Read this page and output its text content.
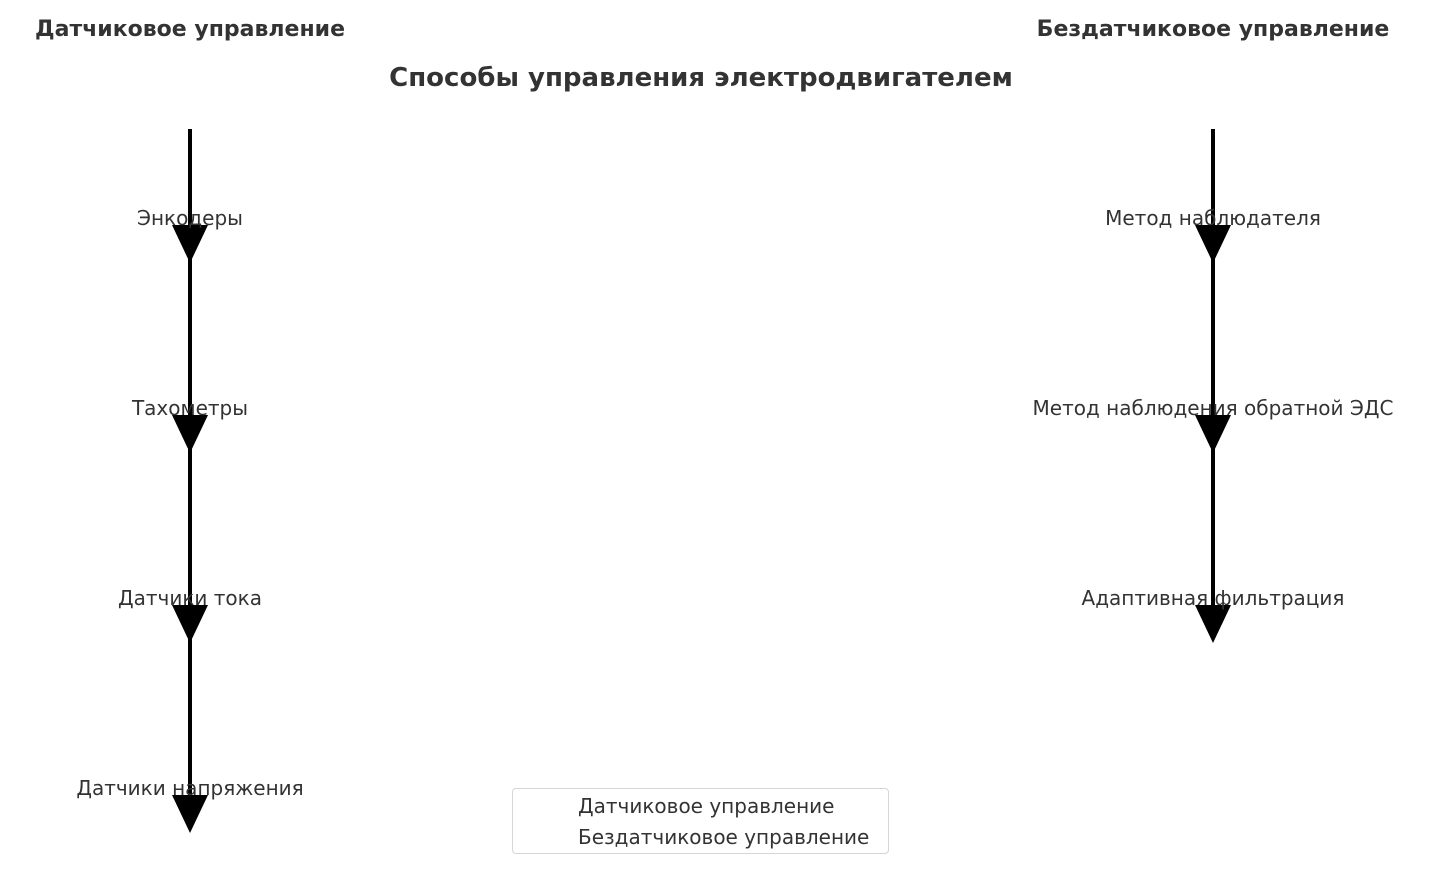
Датчиковое управление	Бездатчиковое управление
Способы управления электродвигателем
Энкодеры
Тахометры
Датчики тока
Датчики напряжения
Метод наблюдателя
Метод наблюдения обратной ЭДС
Адаптивная фильтрация
Датчиковое управление
Бездатчиковое управление
